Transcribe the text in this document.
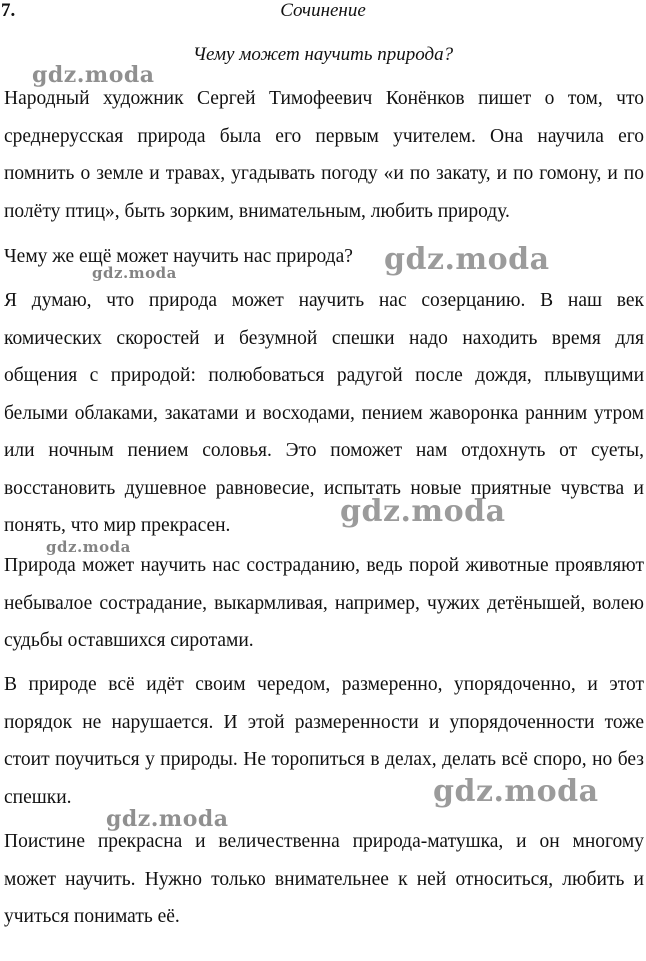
7.	Сочинение
Чему может научить природа?

Народный художник Сергей Тимофеевич Конёнков пишет о том, что среднерусская природа была его первым учителем. Она научила его помнить о земле и травах, угадывать погоду «и по закату, и по гомону, и по полёту птиц», быть зорким, внимательным, любить природу.

Чему же ещё может научить нас природа?

Я думаю, что природа может научить нас созерцанию. В наш век комических скоростей и безумной спешки надо находить время для общения с природой: полюбоваться радугой после дождя, плывущими белыми облаками, закатами и восходами, пением жаворонка ранним утром или ночным пением соловья. Это поможет нам отдохнуть от суеты, восстановить душевное равновесие, испытать новые приятные чувства и понять, что мир прекрасен.

Природа может научить нас состраданию, ведь порой животные проявляют небывалое сострадание, выкармливая, например, чужих детёнышей, волею судьбы оставшихся сиротами.

В природе всё идёт своим чередом, размеренно, упорядоченно, и этот порядок не нарушается. И этой размеренности и упорядоченности тоже стоит поучиться у природы. Не торопиться в делах, делать всё споро, но без спешки.

Поистине прекрасна и величественна природа-матушка, и он многому может научить. Нужно только внимательнее к ней относиться, любить и учиться понимать её.

gdz.moda
gdz.moda
gdz.moda
gdz.moda
gdz.moda
gdz.moda
gdz.moda
